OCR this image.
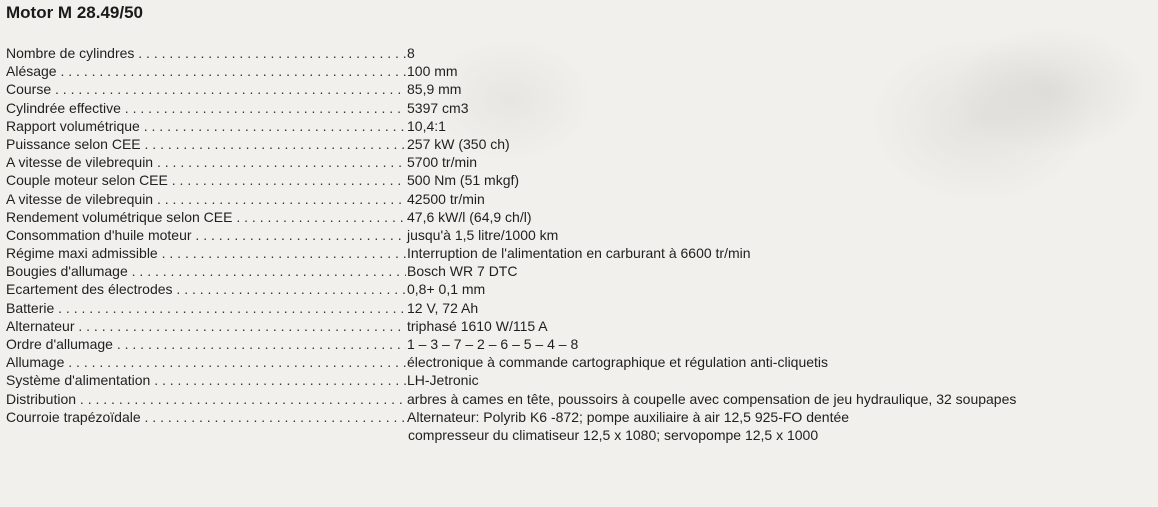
Motor M 28.49/50
Nombre de cylindres . . .	8
Alésage . . .	100 mm
Course . . .	85,9 mm
Cylindrée effective . . .	5397 cm3
Rapport volumétrique . . .	10,4:1
Puissance selon CEE . . .	257 kW (350 ch)
A vitesse de vilebrequin . . .	5700 tr/min
Couple moteur selon CEE . . .	500 Nm (51 mkgf)
A vitesse de vilebrequin . . .	42500 tr/min
Rendement volumétrique selon CEE . . .	47,6 kW/l (64,9 ch/l)
Consommation d'huile moteur . . .	jusqu'à 1,5 litre/1000 km
Régime maxi admissible . . .	Interruption de l'alimentation en carburant à 6600 tr/min
Bougies d'allumage . . .	Bosch WR 7 DTC
Ecartement des électrodes . . .	0,8+ 0,1 mm
Batterie . . .	12 V, 72 Ah
Alternateur . . .	triphasé 1610 W/115 A
Ordre d'allumage . . .	1 – 3 – 7 – 2 – 6 – 5 – 4 – 8
Allumage . . .	électronique à commande cartographique et régulation anti-cliquetis
Système d'alimentation . . .	LH-Jetronic
Distribution . . .	arbres à cames en tête, poussoirs à coupelle avec compensation de jeu hydraulique, 32 soupapes
Courroie trapézoïdale . . .	Alternateur: Polyrib K6 -872; pompe auxiliaire à air 12,5 925-FO dentée
compresseur du climatiseur 12,5 x 1080; servopompe 12,5 x 1000
